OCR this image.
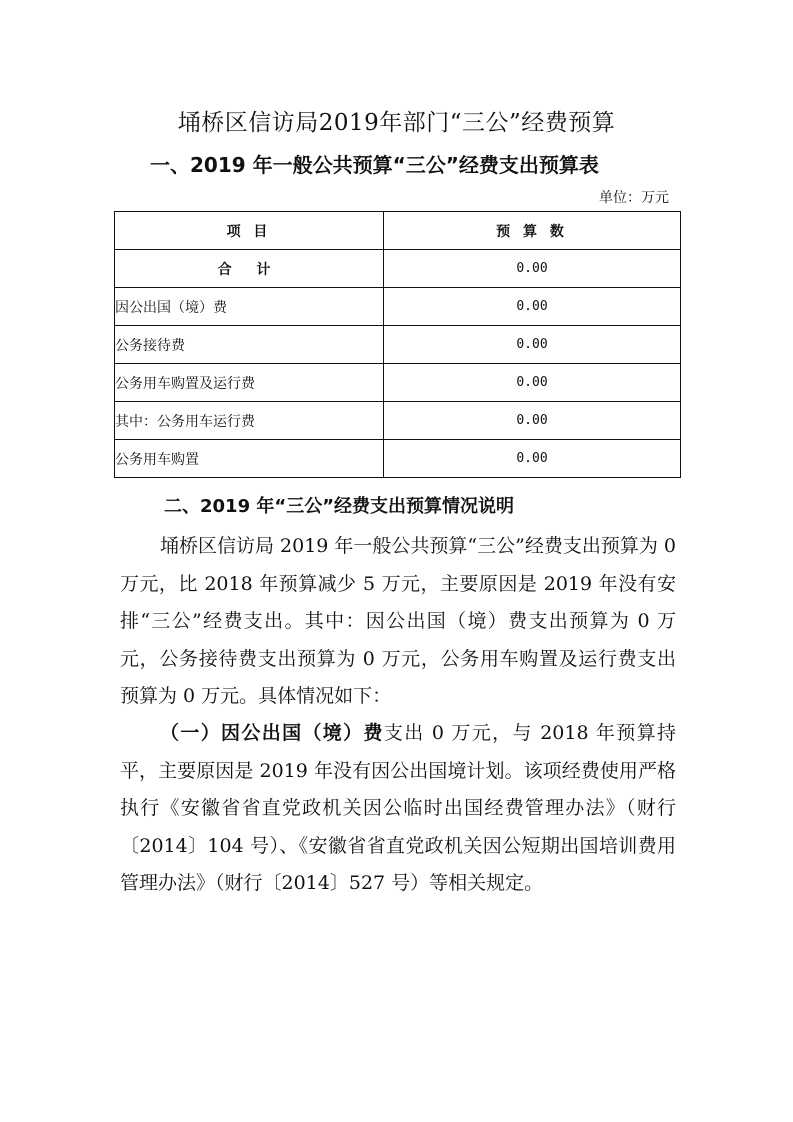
埇桥区信访局2019年部门“三公”经费预算
一、2019 年一般公共预算“三公”经费支出预算表
单位：万元
项 目	预 算 数
合 计	0.00
因公出国（境）费	0.00
公务接待费	0.00
公务用车购置及运行费	0.00
其中：公务用车运行费	0.00
公务用车购置	0.00
二、2019 年“三公”经费支出预算情况说明
埇桥区信访局 2019 年一般公共预算“三公”经费支出预算为 0 万元，比 2018 年预算减少 5 万元，主要原因是 2019 年没有安排“三公”经费支出。其中：因公出国（境）费支出预算为 0 万元，公务接待费支出预算为 0 万元，公务用车购置及运行费支出预算为 0 万元。具体情况如下：
（一）因公出国（境）费支出 0 万元，与 2018 年预算持平，主要原因是 2019 年没有因公出国境计划。该项经费使用严格执行《安徽省省直党政机关因公临时出国经费管理办法》（财行〔2014〕104 号）、《安徽省省直党政机关因公短期出国培训费用管理办法》（财行〔2014〕527 号）等相关规定。
